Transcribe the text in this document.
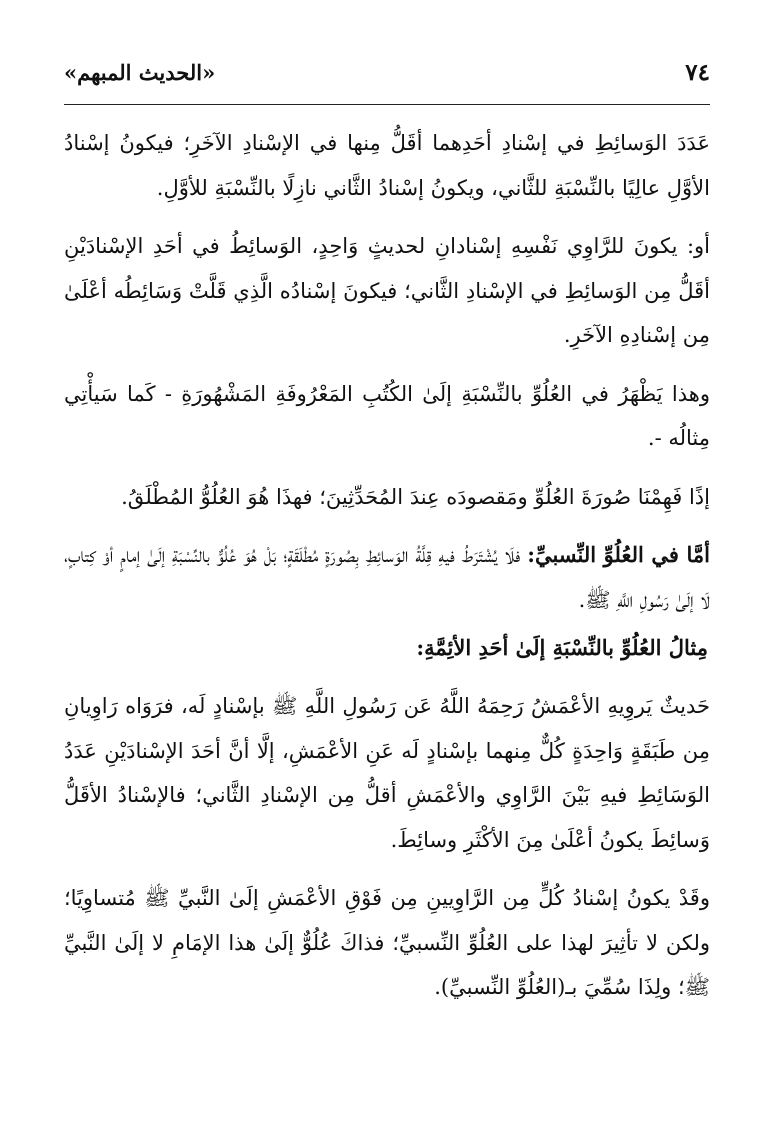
٧٤
«الحديث المبهم»

عَدَدَ الوَسائِطِ في إسْنادِ أحَدِهما أقَلُّ مِنها في الإسْنادِ الآخَرِ؛ فيكونُ إسْنادُ الأوَّلِ عالِيًا بالنِّسْبَةِ للثَّاني، ويكونُ إسْنادُ الثَّاني نازِلًا بالنِّسْبَةِ للأوَّلِ.

أو: يكونَ للرَّاوِي نَفْسِهِ إسْنادانِ لحديثٍ وَاحِدٍ، الوَسائِطُ في أحَدِ الإسْنادَيْنِ أقَلُّ مِن الوَسائِطِ في الإسْنادِ الثَّاني؛ فيكونَ إسْنادُه الَّذِي قَلَّتْ وَسَائِطُه أعْلَىٰ مِن إسْنادِهِ الآخَرِ.

وهذا يَظْهَرُ في العُلُوِّ بالنِّسْبَةِ إلَىٰ الكُتُبِ المَعْرُوفَةِ المَشْهُورَةِ - كَما سَيأْتِي مِثالُه -.

إذًا فَهِمْنَا صُورَةَ العُلُوِّ ومَقصودَه عِندَ المُحَدِّثِينَ؛ فهذَا هُوَ العُلُوُّ المُطْلَقُ.

أمَّا في العُلُوِّ النِّسبيِّ: فلَا يُشْتَرَطُ فيهِ قِلَّةُ الوَسائِطِ بِصُورَةٍ مُطْلَقَةٍ؛ بَلْ هُوَ عُلُوٌّ بالنِّسْبَةِ إلَىٰ إمامٍ أوْ كِتابٍ، لَا إلَىٰ رَسُولِ اللَّهِ ﷺ.

مِثالُ العُلُوِّ بالنِّسْبَةِ إلَىٰ أحَدِ الأئِمَّةِ:

حَديثٌ يَروِيهِ الأعْمَشُ رَحِمَهُ اللَّهُ عَن رَسُولِ اللَّهِ ﷺ بإسْنادٍ لَه، فرَوَاه رَاوِيانِ مِن طَبَقَةٍ وَاحِدَةٍ كُلٌّ مِنهما بإسْنادٍ لَه عَنِ الأعْمَشِ، إلَّا أنَّ أحَدَ الإسْنادَيْنِ عَدَدُ الوَسَائِطِ فيهِ بَيْنَ الرَّاوِي والأعْمَشِ أقلُّ مِن الإسْنادِ الثَّاني؛ فالإسْنادُ الأقَلُّ وَسائِطَ يكونُ أعْلَىٰ مِنَ الأكْثَرِ وسائِطَ.

وقَدْ يكونُ إسْنادُ كُلٍّ مِن الرَّاوِيينِ مِن فَوْقِ الأعْمَشِ إلَىٰ النَّبيِّ ﷺ مُتساوِيًا؛ ولكن لا تأثِيرَ لهذا على العُلُوِّ النِّسبيِّ؛ فذاكَ عُلُوٌّ إلَىٰ هذا الإمَامِ لا إلَىٰ النَّبيِّ ﷺ؛ ولِذَا سُمِّيَ بـ(العُلُوِّ النِّسبيِّ).
